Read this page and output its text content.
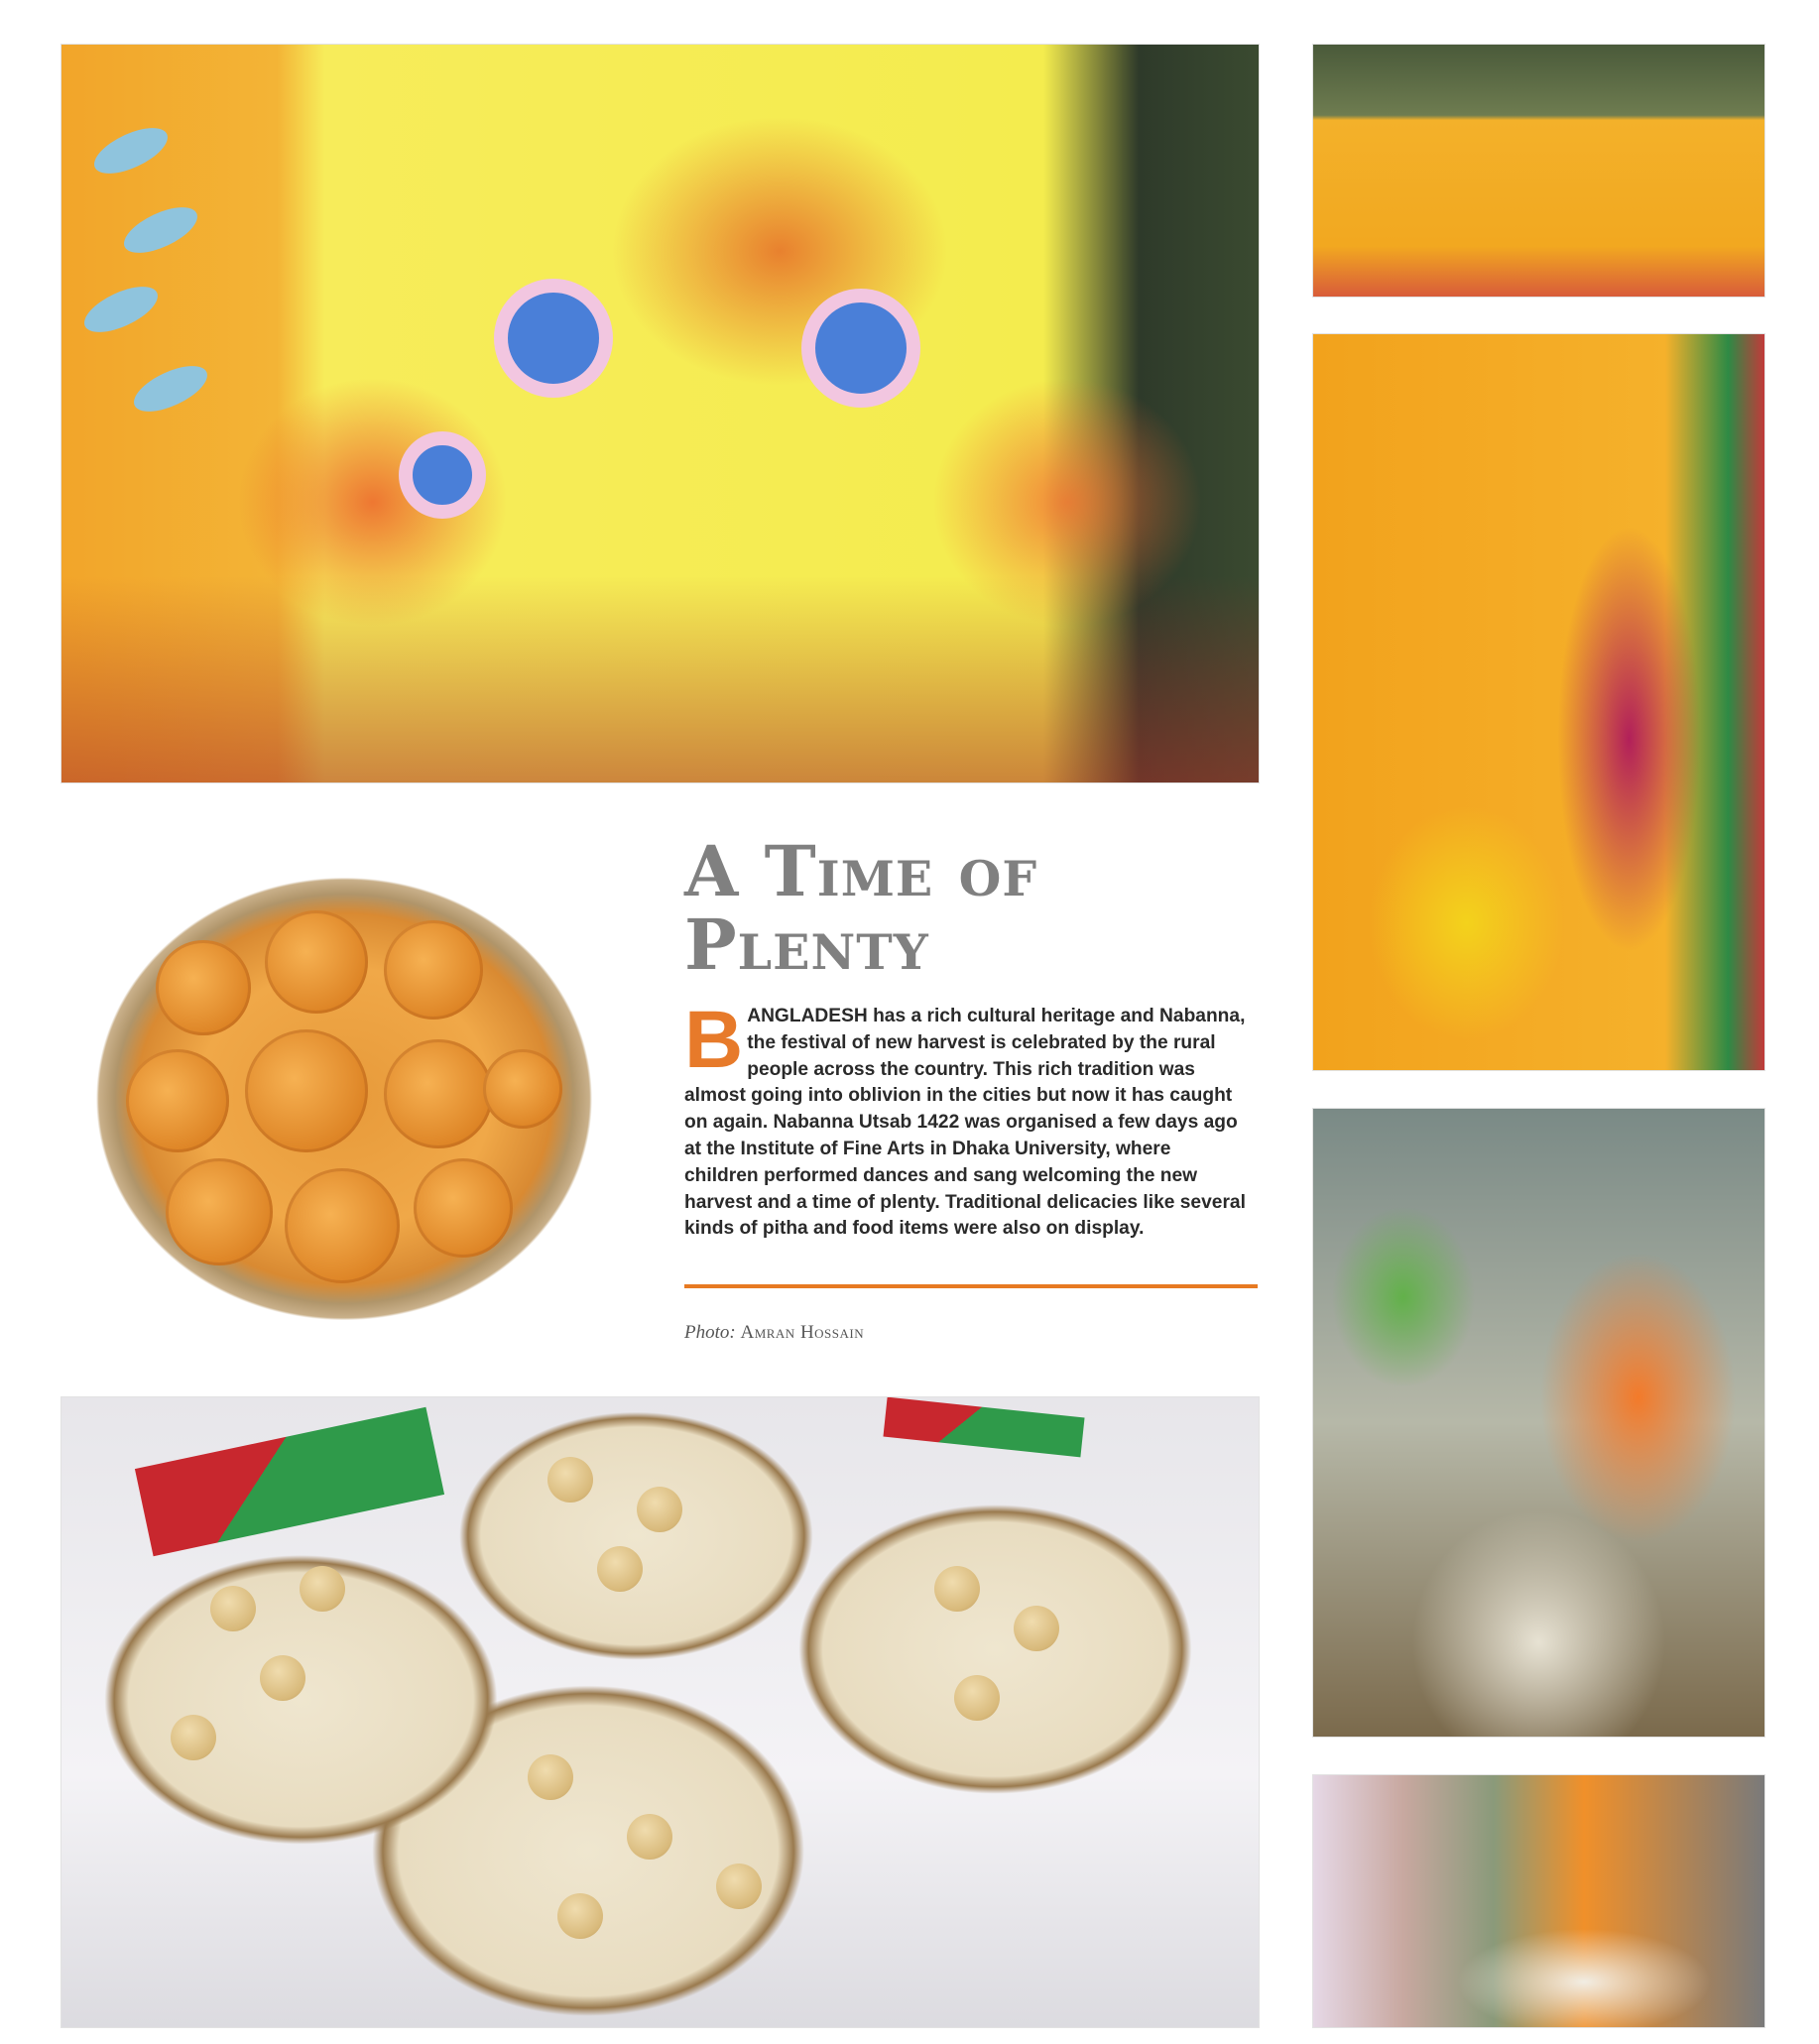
A Time of Plenty

BANGLADESH has a rich cultural heritage and Nabanna, the festival of new harvest is celebrated by the rural people across the country. This rich tradition was almost going into oblivion in the cities but now it has caught on again. Nabanna Utsab 1422 was organised a few days ago at the Institute of Fine Arts in Dhaka University, where children performed dances and sang welcoming the new harvest and a time of plenty. Traditional delicacies like several kinds of pitha and food items were also on display.

Photo: Amran Hossain
